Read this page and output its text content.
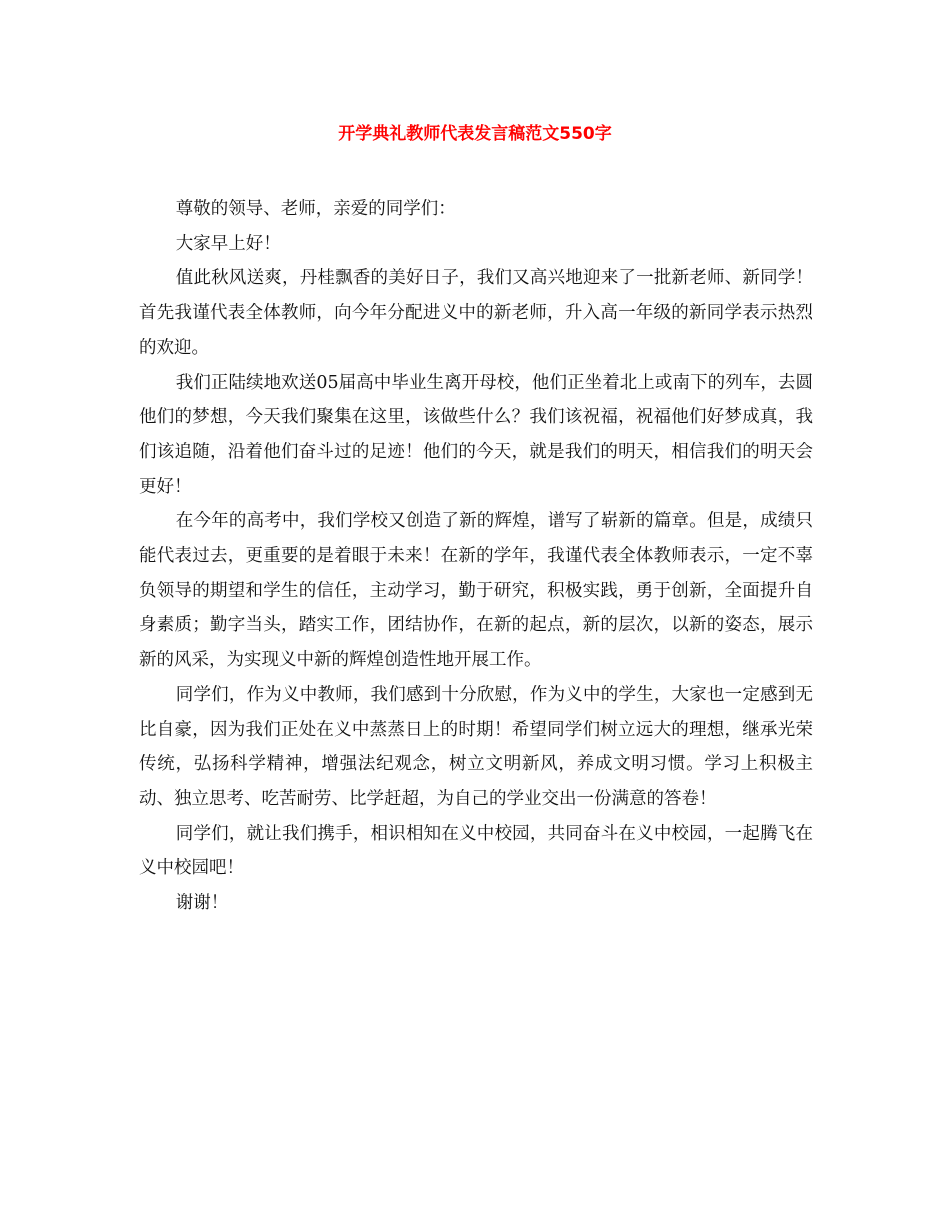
开学典礼教师代表发言稿范文550字

尊敬的领导、老师，亲爱的同学们：

大家早上好！

值此秋风送爽，丹桂飘香的美好日子，我们又高兴地迎来了一批新老师、新同学！首先我谨代表全体教师，向今年分配进义中的新老师，升入高一年级的新同学表示热烈的欢迎。

我们正陆续地欢送05届高中毕业生离开母校，他们正坐着北上或南下的列车，去圆他们的梦想，今天我们聚集在这里，该做些什么？我们该祝福，祝福他们好梦成真，我们该追随，沿着他们奋斗过的足迹！他们的今天，就是我们的明天，相信我们的明天会更好！

在今年的高考中，我们学校又创造了新的辉煌，谱写了崭新的篇章。但是，成绩只能代表过去，更重要的是着眼于未来！在新的学年，我谨代表全体教师表示，一定不辜负领导的期望和学生的信任，主动学习，勤于研究，积极实践，勇于创新，全面提升自身素质；勤字当头，踏实工作，团结协作，在新的起点，新的层次，以新的姿态，展示新的风采，为实现义中新的辉煌创造性地开展工作。

同学们，作为义中教师，我们感到十分欣慰，作为义中的学生，大家也一定感到无比自豪，因为我们正处在义中蒸蒸日上的时期！希望同学们树立远大的理想，继承光荣传统，弘扬科学精神，增强法纪观念，树立文明新风，养成文明习惯。学习上积极主动、独立思考、吃苦耐劳、比学赶超，为自己的学业交出一份满意的答卷！

同学们，就让我们携手，相识相知在义中校园，共同奋斗在义中校园，一起腾飞在义中校园吧！

谢谢！
